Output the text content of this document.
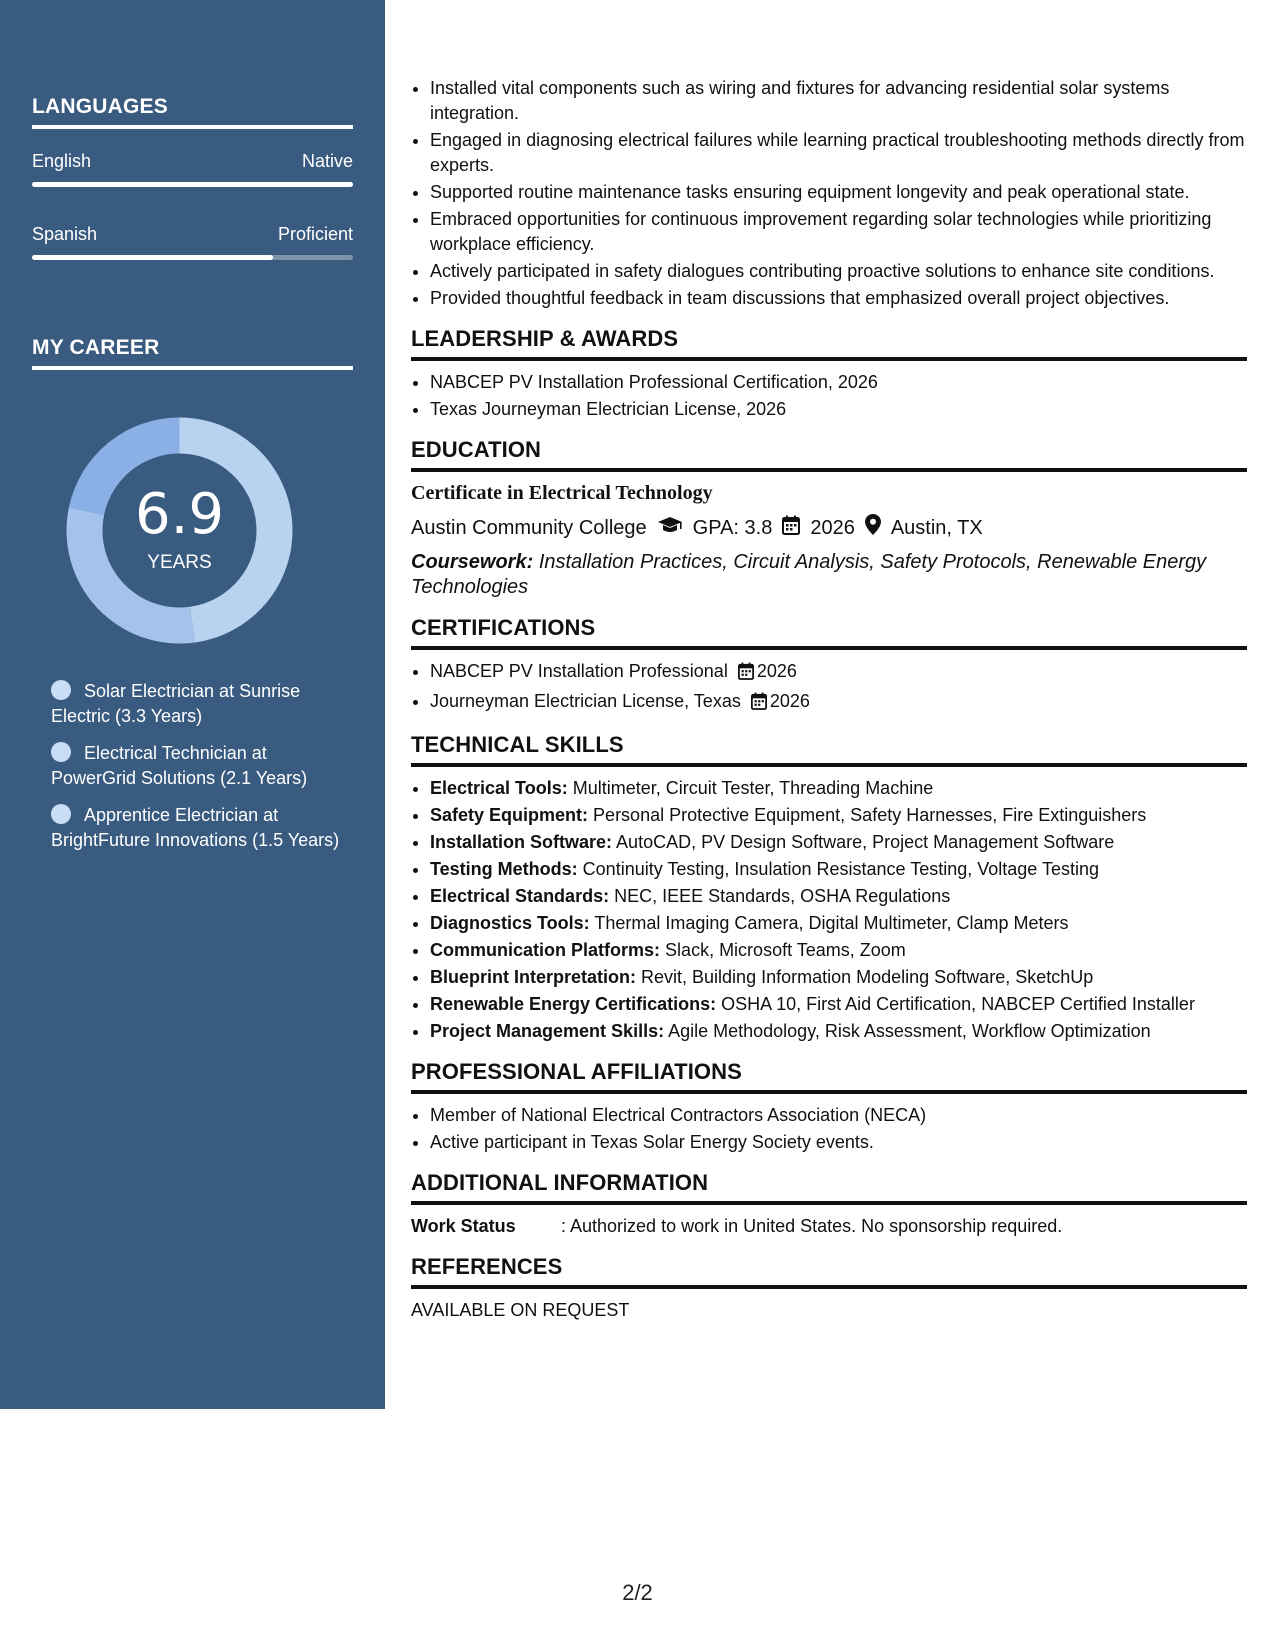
LANGUAGES
English	Native
Spanish	Proficient
MY CAREER
6.9
YEARS
Solar Electrician at Sunrise Electric (3.3 Years)
Electrical Technician at PowerGrid Solutions (2.1 Years)
Apprentice Electrician at BrightFuture Innovations (1.5 Years)
• Installed vital components such as wiring and fixtures for advancing residential solar systems integration.
• Engaged in diagnosing electrical failures while learning practical troubleshooting methods directly from experts.
• Supported routine maintenance tasks ensuring equipment longevity and peak operational state.
• Embraced opportunities for continuous improvement regarding solar technologies while prioritizing workplace efficiency.
• Actively participated in safety dialogues contributing proactive solutions to enhance site conditions.
• Provided thoughtful feedback in team discussions that emphasized overall project objectives.
LEADERSHIP & AWARDS
• NABCEP PV Installation Professional Certification, 2026
• Texas Journeyman Electrician License, 2026
EDUCATION
Certificate in Electrical Technology
Austin Community College GPA: 3.8 2026 Austin, TX
Coursework: Installation Practices, Circuit Analysis, Safety Protocols, Renewable Energy Technologies
CERTIFICATIONS
• NABCEP PV Installation Professional 2026
• Journeyman Electrician License, Texas 2026
TECHNICAL SKILLS
• Electrical Tools: Multimeter, Circuit Tester, Threading Machine
• Safety Equipment: Personal Protective Equipment, Safety Harnesses, Fire Extinguishers
• Installation Software: AutoCAD, PV Design Software, Project Management Software
• Testing Methods: Continuity Testing, Insulation Resistance Testing, Voltage Testing
• Electrical Standards: NEC, IEEE Standards, OSHA Regulations
• Diagnostics Tools: Thermal Imaging Camera, Digital Multimeter, Clamp Meters
• Communication Platforms: Slack, Microsoft Teams, Zoom
• Blueprint Interpretation: Revit, Building Information Modeling Software, SketchUp
• Renewable Energy Certifications: OSHA 10, First Aid Certification, NABCEP Certified Installer
• Project Management Skills: Agile Methodology, Risk Assessment, Workflow Optimization
PROFESSIONAL AFFILIATIONS
• Member of National Electrical Contractors Association (NECA)
• Active participant in Texas Solar Energy Society events.
ADDITIONAL INFORMATION
Work Status	: Authorized to work in United States. No sponsorship required.
REFERENCES
AVAILABLE ON REQUEST
2/2
